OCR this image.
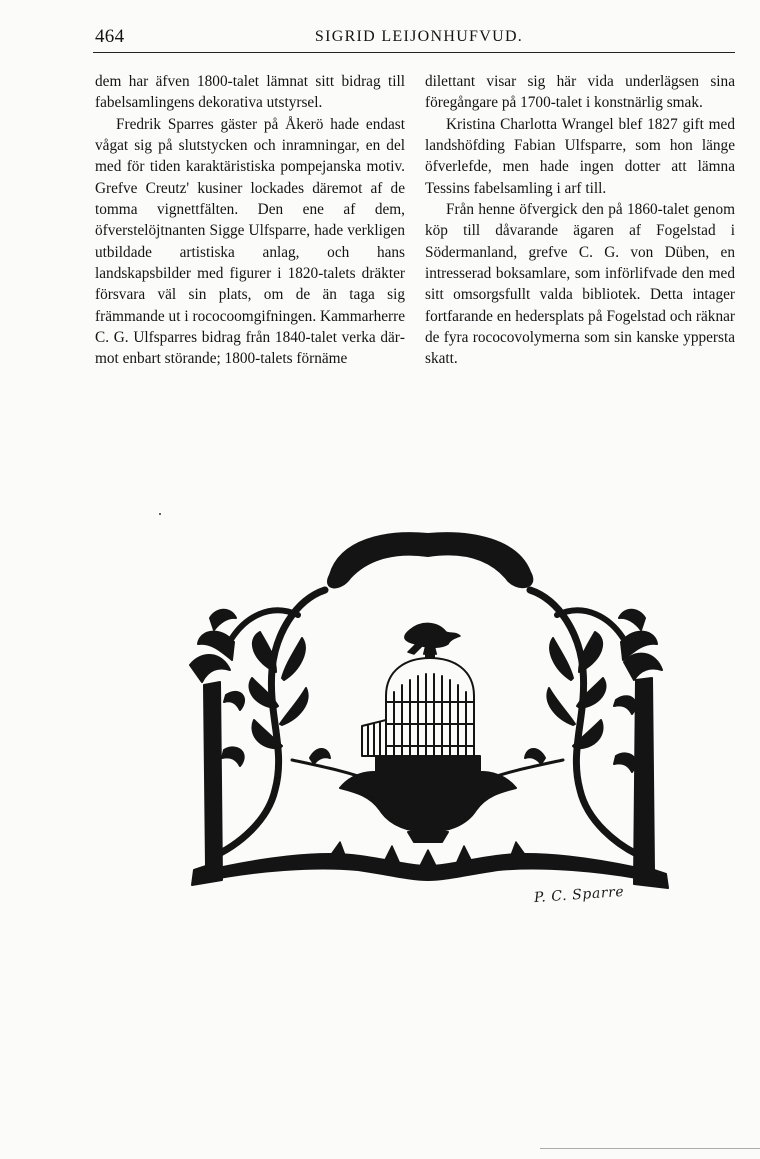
464	SIGRID LEIJONHUFVUD.

dem har äfven 1800-talet lämnat sitt bidrag till fabelsamlingens dekorativa utstyrsel.

Fredrik Sparres gäster på Åkerö hade endast vågat sig på slutstycken och inramningar, en del med för tiden karaktäristiska pompejanska motiv. Grefve Creutz' kusiner lockades däremot af de tomma vignettfälten. Den ene af dem, öfverstelöjtnanten Sigge Ulfsparre, hade verkligen utbildade artistiska anlag, och hans landskapsbilder med figurer i 1820-talets dräkter försvara väl sin plats, om de än taga sig främmande ut i rococoomgifningen. Kammarherre C. G. Ulfsparres bidrag från 1840-talet verka därmot enbart störande; 1800-talets förnäme

dilettant visar sig här vida underlägsen sina föregångare på 1700-talet i konstnärlig smak.

Kristina Charlotta Wrangel blef 1827 gift med landshöfding Fabian Ulfsparre, som hon länge öfverlefde, men hade ingen dotter att lämna Tessins fabelsamling i arf till.

Från henne öfvergick den på 1860-talet genom köp till dåvarande ägaren af Fogelstad i Södermanland, grefve C. G. von Düben, en intresserad boksamlare, som införlifvade den med sitt omsorgsfullt valda bibliotek. Detta intager fortfarande en hedersplats på Fogelstad och räknar de fyra rococovolymerna som sin kanske yppersta skatt.

P. C. Sparre
